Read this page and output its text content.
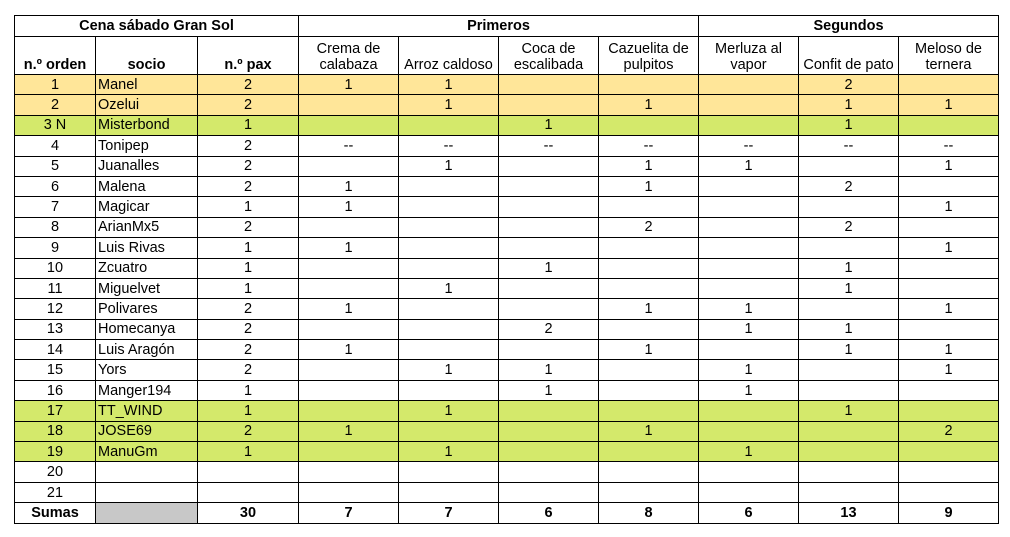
Cena sábado Gran Sol			Primeros				Segundos		
n.º orden	socio	n.º pax	Crema de calabaza	Arroz caldoso	Coca de escalibada	Cazuelita de pulpitos	Merluza al vapor	Confit de pato	Meloso de ternera
1	Manel	2	1	1				2	
2	Ozelui	2		1		1		1	1
3 N	Misterbond	1			1			1	
4	Tonipep	2	--	--	--	--	--	--	--
5	Juanalles	2		1		1	1		1
6	Malena	2	1			1		2	
7	Magicar	1	1						1
8	ArianMx5	2				2		2	
9	Luis Rivas	1	1						1
10	Zcuatro	1			1			1	
11	Miguelvet	1		1				1	
12	Polivares	2	1			1	1		1
13	Homecanya	2			2		1	1	
14	Luis Aragón	2	1			1		1	1
15	Yors	2		1	1		1		1
16	Manger194	1			1		1		
17	TT_WIND	1		1				1	
18	JOSE69	2	1			1			2
19	ManuGm	1		1			1		
20									
21									
Sumas		30	7	7	6	8	6	13	9
